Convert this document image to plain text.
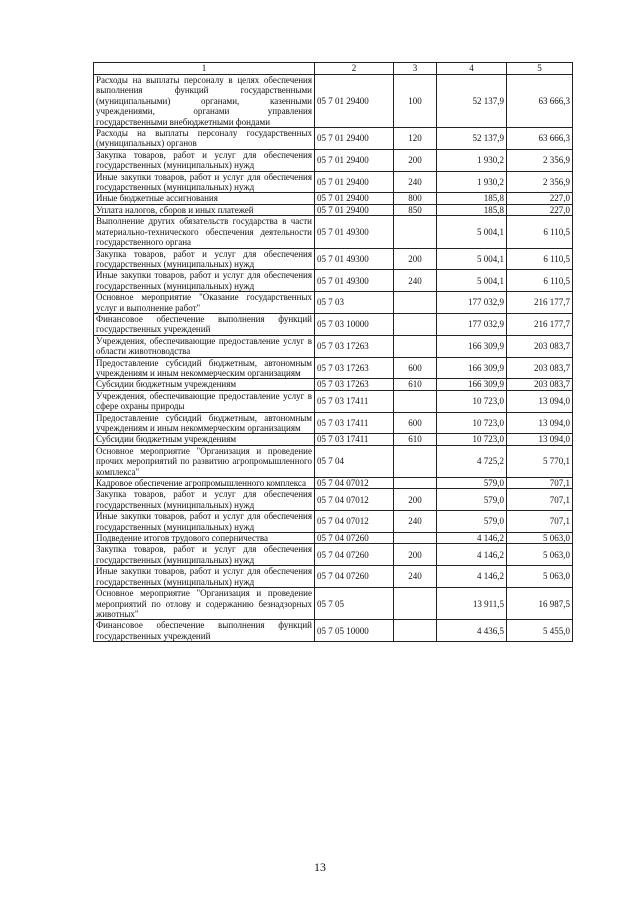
1	2	3	4	5
Расходы на выплаты персоналу в целях обеспечения выполнения функций государственными (муниципальными) органами, казенными учреждениями, органами управления государственными внебюджетными фондами	05 7 01 29400	100	52 137,9	63 666,3
Расходы на выплаты персоналу государственных (муниципальных) органов	05 7 01 29400	120	52 137,9	63 666,3
Закупка товаров, работ и услуг для обеспечения государственных (муниципальных) нужд	05 7 01 29400	200	1 930,2	2 356,9
Иные закупки товаров, работ и услуг для обеспечения государственных (муниципальных) нужд	05 7 01 29400	240	1 930,2	2 356,9
Иные бюджетные ассигнования	05 7 01 29400	800	185,8	227,0
Уплата налогов, сборов и иных платежей	05 7 01 29400	850	185,8	227,0
Выполнение других обязательств государства в части материально-технического обеспечения деятельности государственного органа	05 7 01 49300		5 004,1	6 110,5
Закупка товаров, работ и услуг для обеспечения государственных (муниципальных) нужд	05 7 01 49300	200	5 004,1	6 110,5
Иные закупки товаров, работ и услуг для обеспечения государственных (муниципальных) нужд	05 7 01 49300	240	5 004,1	6 110,5
Основное мероприятие "Оказание государственных услуг и выполнение работ"	05 7 03		177 032,9	216 177,7
Финансовое обеспечение выполнения функций государственных учреждений	05 7 03 10000		177 032,9	216 177,7
Учреждения, обеспечивающие предоставление услуг в области животноводства	05 7 03 17263		166 309,9	203 083,7
Предоставление субсидий бюджетным, автономным учреждениям и иным некоммерческим организациям	05 7 03 17263	600	166 309,9	203 083,7
Субсидии бюджетным учреждениям	05 7 03 17263	610	166 309,9	203 083,7
Учреждения, обеспечивающие предоставление услуг в сфере охраны природы	05 7 03 17411		10 723,0	13 094,0
Предоставление субсидий бюджетным, автономным учреждениям и иным некоммерческим организациям	05 7 03 17411	600	10 723,0	13 094,0
Субсидии бюджетным учреждениям	05 7 03 17411	610	10 723,0	13 094,0
Основное мероприятие "Организация и проведение прочих мероприятий по развитию агропромышленного комплекса"	05 7 04		4 725,2	5 770,1
Кадровое обеспечение агропромышленного комплекса	05 7 04 07012		579,0	707,1
Закупка товаров, работ и услуг для обеспечения государственных (муниципальных) нужд	05 7 04 07012	200	579,0	707,1
Иные закупки товаров, работ и услуг для обеспечения государственных (муниципальных) нужд	05 7 04 07012	240	579,0	707,1
Подведение итогов трудового соперничества	05 7 04 07260		4 146,2	5 063,0
Закупка товаров, работ и услуг для обеспечения государственных (муниципальных) нужд	05 7 04 07260	200	4 146,2	5 063,0
Иные закупки товаров, работ и услуг для обеспечения государственных (муниципальных) нужд	05 7 04 07260	240	4 146,2	5 063,0
Основное мероприятие "Организация и проведение мероприятий по отлову и содержанию безнадзорных животных"	05 7 05		13 911,5	16 987,5
Финансовое обеспечение выполнения функций государственных учреждений	05 7 05 10000		4 436,5	5 455,0
13
